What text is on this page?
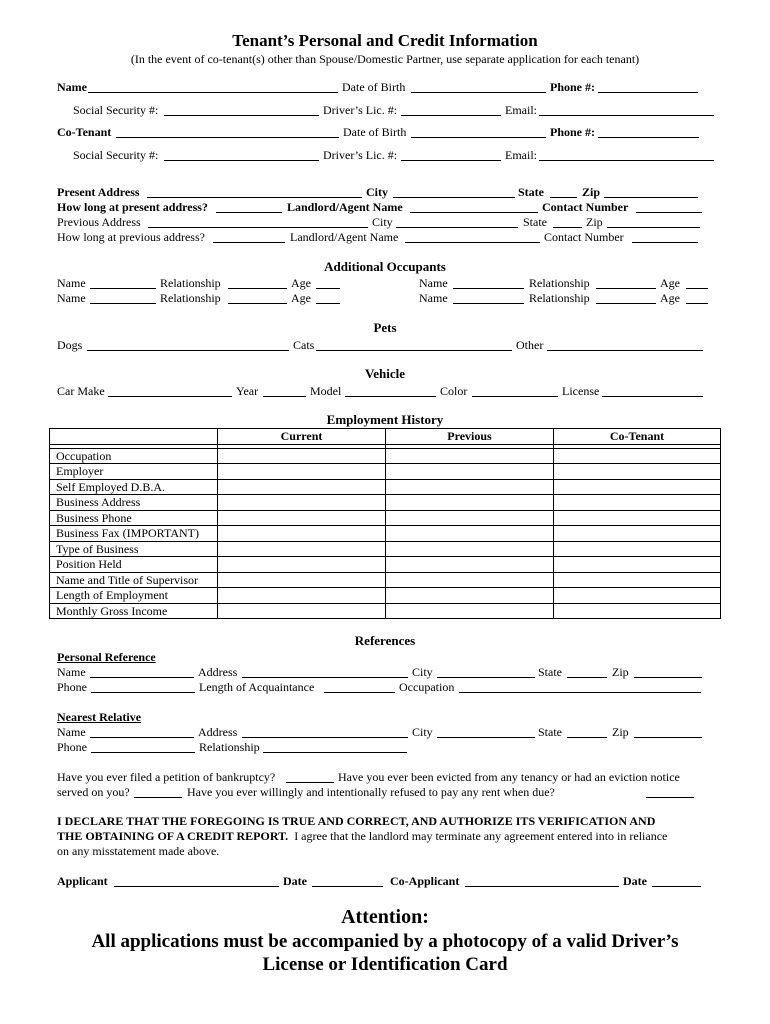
Tenant’s Personal and Credit Information
(In the event of co-tenant(s) other than Spouse/Domestic Partner, use separate application for each tenant)
Name	Date of Birth	Phone #:
Social Security #:	Driver’s Lic. #:	Email:
Co-Tenant	Date of Birth	Phone #:
Social Security #:	Driver’s Lic. #:	Email:
Present Address	City	State	Zip
How long at present address?	Landlord/Agent Name	Contact Number
Previous Address	City	State	Zip
How long at previous address?	Landlord/Agent Name	Contact Number
Additional Occupants
Name	Relationship	Age	Name	Relationship	Age
Name	Relationship	Age	Name	Relationship	Age
Pets
Dogs	Cats	Other
Vehicle
Car Make	Year	Model	Color	License
Employment History
	Current	Previous	Co-Tenant

Occupation			
Employer			
Self Employed D.B.A.			
Business Address			
Business Phone			
Business Fax (IMPORTANT)			
Type of Business			
Position Held			
Name and Title of Supervisor			
Length of Employment			
Monthly Gross Income			
References
Personal Reference
Name	Address	City	State	Zip
Phone	Length of Acquaintance	Occupation
Nearest Relative
Name	Address	City	State	Zip
Phone	Relationship
Have you ever filed a petition of bankruptcy?	Have you ever been evicted from any tenancy or had an eviction notice
served on you?	Have you ever willingly and intentionally refused to pay any rent when due?
I DECLARE THAT THE FOREGOING IS TRUE AND CORRECT, AND AUTHORIZE ITS VERIFICATION AND
THE OBTAINING OF A CREDIT REPORT. I agree that the landlord may terminate any agreement entered into in reliance
on any misstatement made above.
Applicant	Date	Co-Applicant	Date
Attention:
All applications must be accompanied by a photocopy of a valid Driver’s
License or Identification Card
